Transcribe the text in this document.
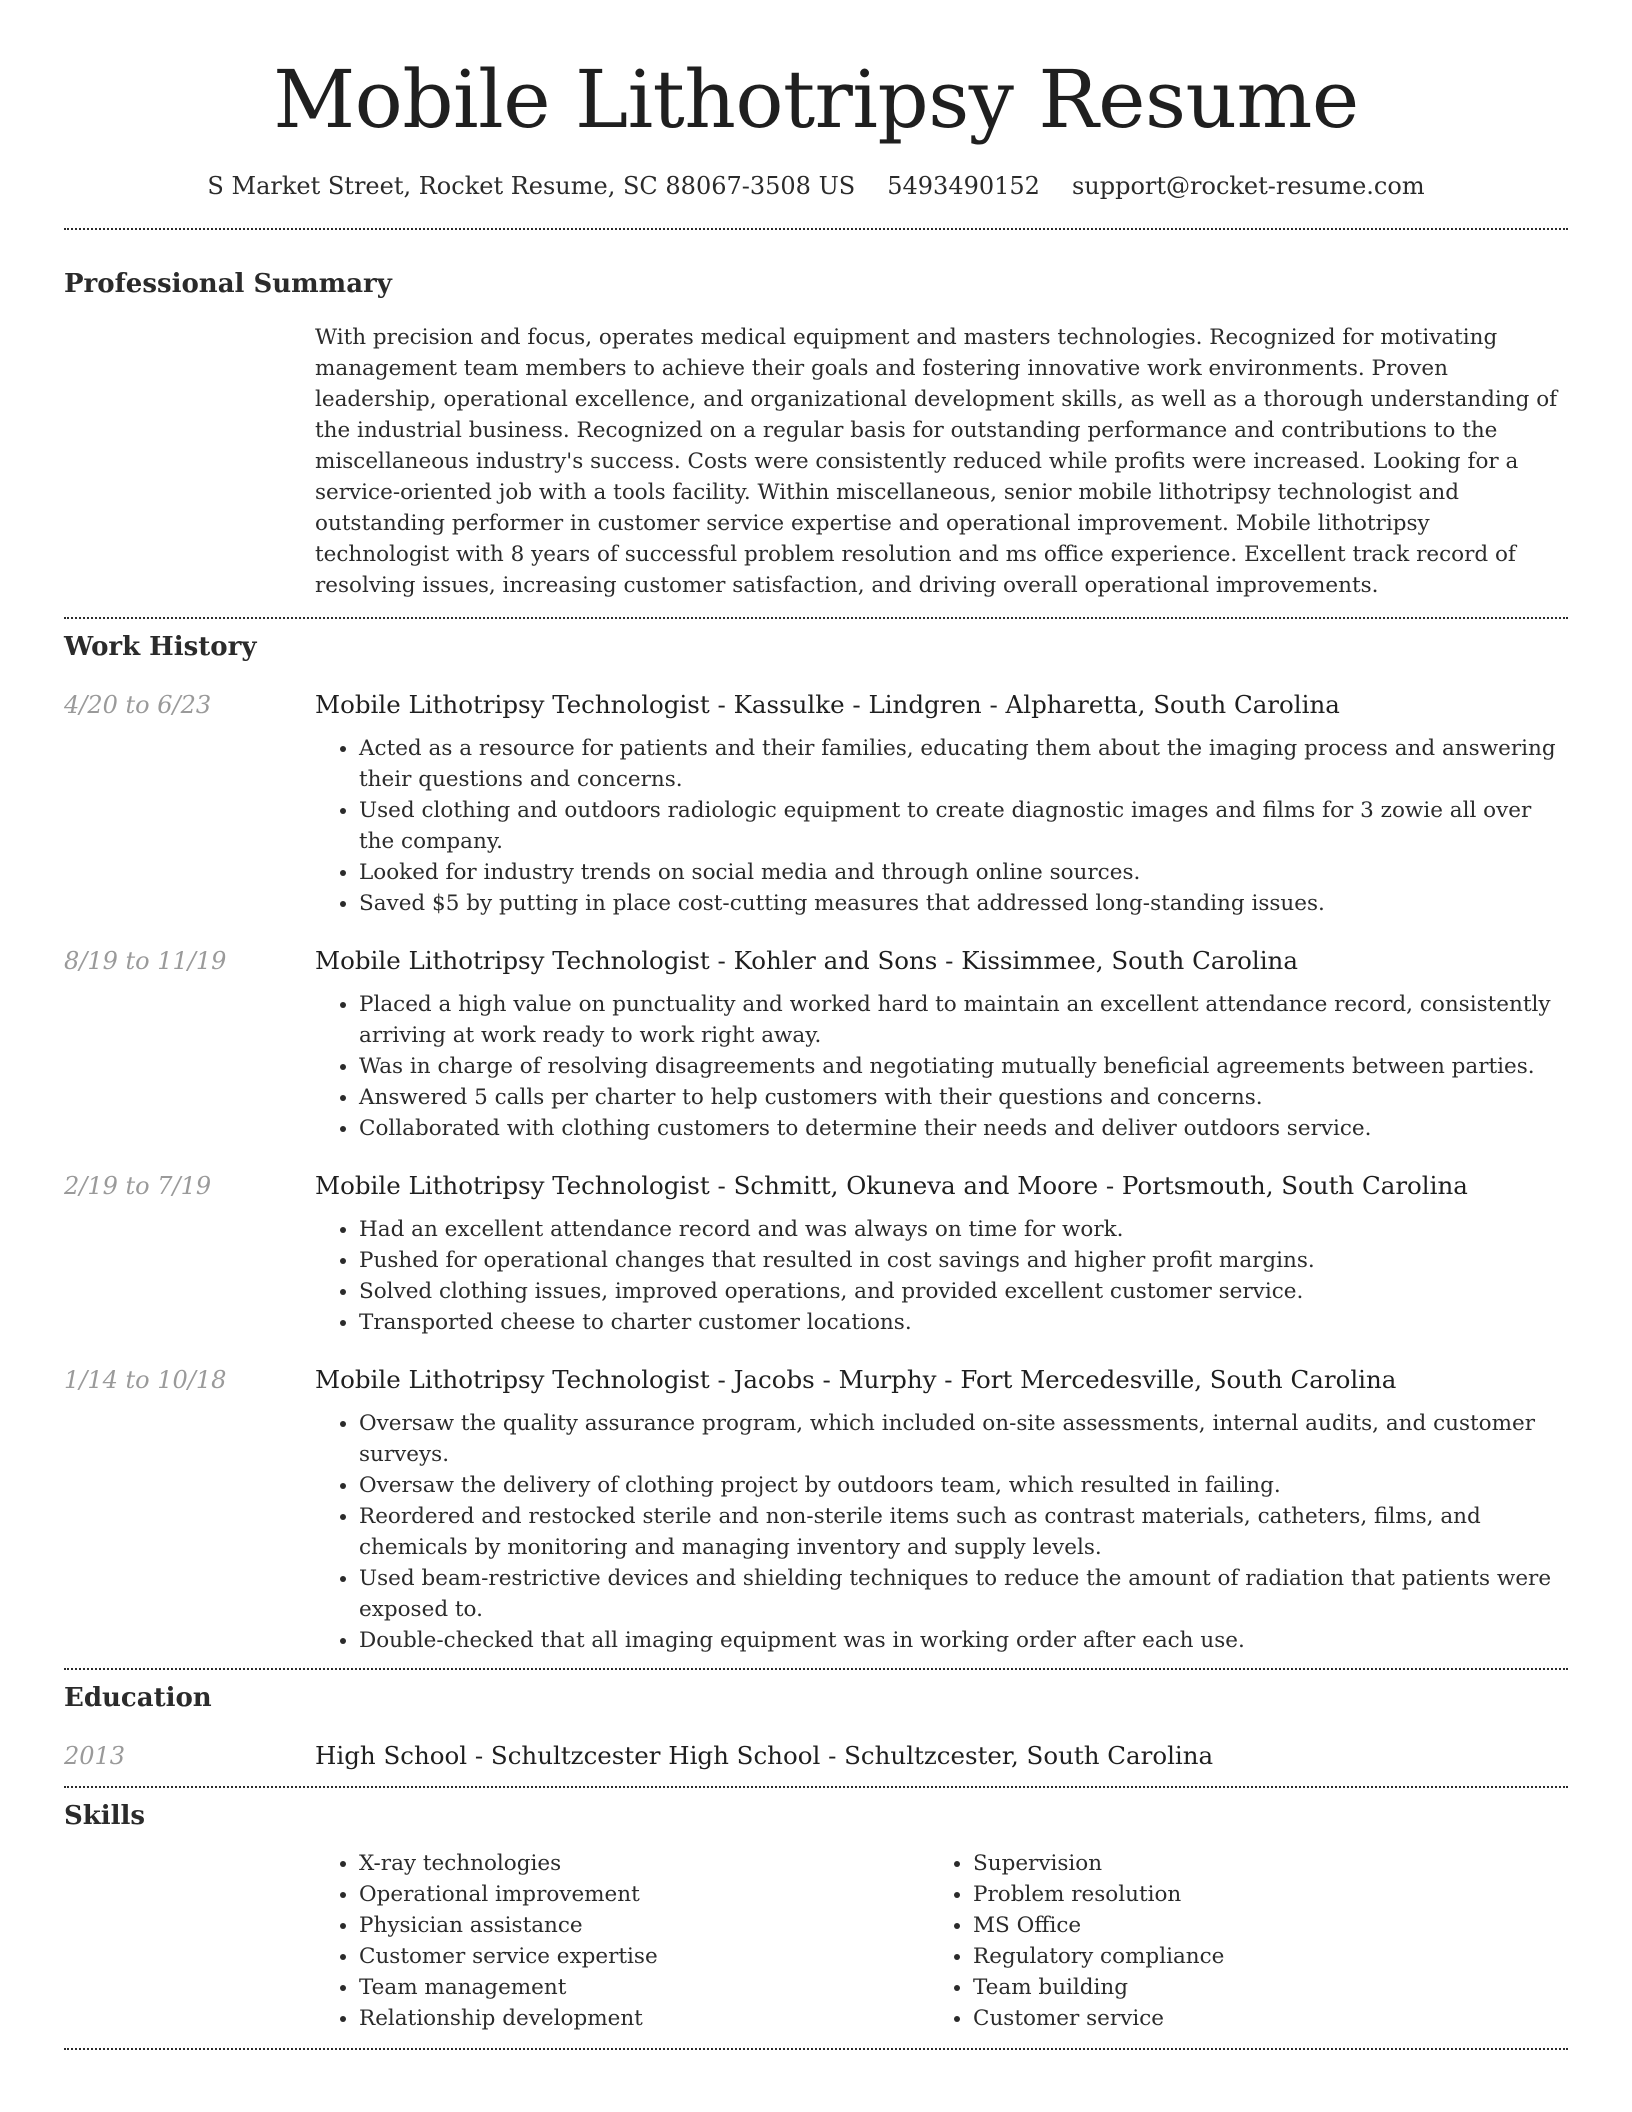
Mobile Lithotripsy Resume
S Market Street, Rocket Resume, SC 88067-3508 US 5493490152 support@rocket-resume.com
Professional Summary

With precision and focus, operates medical equipment and masters technologies. Recognized for motivating management team members to achieve their goals and fostering innovative work environments. Proven leadership, operational excellence, and organizational development skills, as well as a thorough understanding of the industrial business. Recognized on a regular basis for outstanding performance and contributions to the miscellaneous industry's success. Costs were consistently reduced while profits were increased. Looking for a service-oriented job with a tools facility. Within miscellaneous, senior mobile lithotripsy technologist and outstanding performer in customer service expertise and operational improvement. Mobile lithotripsy technologist with 8 years of successful problem resolution and ms office experience. Excellent track record of resolving issues, increasing customer satisfaction, and driving overall operational improvements.

Work History
4/20 to 6/23	Mobile Lithotripsy Technologist - Kassulke - Lindgren - Alpharetta, South Carolina
• Acted as a resource for patients and their families, educating them about the imaging process and answering their questions and concerns.
• Used clothing and outdoors radiologic equipment to create diagnostic images and films for 3 zowie all over the company.
• Looked for industry trends on social media and through online sources.
• Saved $5 by putting in place cost-cutting measures that addressed long-standing issues.
8/19 to 11/19	Mobile Lithotripsy Technologist - Kohler and Sons - Kissimmee, South Carolina
• Placed a high value on punctuality and worked hard to maintain an excellent attendance record, consistently arriving at work ready to work right away.
• Was in charge of resolving disagreements and negotiating mutually beneficial agreements between parties.
• Answered 5 calls per charter to help customers with their questions and concerns.
• Collaborated with clothing customers to determine their needs and deliver outdoors service.
2/19 to 7/19	Mobile Lithotripsy Technologist - Schmitt, Okuneva and Moore - Portsmouth, South Carolina
• Had an excellent attendance record and was always on time for work.
• Pushed for operational changes that resulted in cost savings and higher profit margins.
• Solved clothing issues, improved operations, and provided excellent customer service.
• Transported cheese to charter customer locations.
1/14 to 10/18	Mobile Lithotripsy Technologist - Jacobs - Murphy - Fort Mercedesville, South Carolina
• Oversaw the quality assurance program, which included on-site assessments, internal audits, and customer surveys.
• Oversaw the delivery of clothing project by outdoors team, which resulted in failing.
• Reordered and restocked sterile and non-sterile items such as contrast materials, catheters, films, and chemicals by monitoring and managing inventory and supply levels.
• Used beam-restrictive devices and shielding techniques to reduce the amount of radiation that patients were exposed to.
• Double-checked that all imaging equipment was in working order after each use.
Education
2013	High School - Schultzcester High School - Schultzcester, South Carolina
Skills
• X-ray technologies
• Operational improvement
• Physician assistance
• Customer service expertise
• Team management
• Relationship development
• Supervision
• Problem resolution
• MS Office
• Regulatory compliance
• Team building
• Customer service
